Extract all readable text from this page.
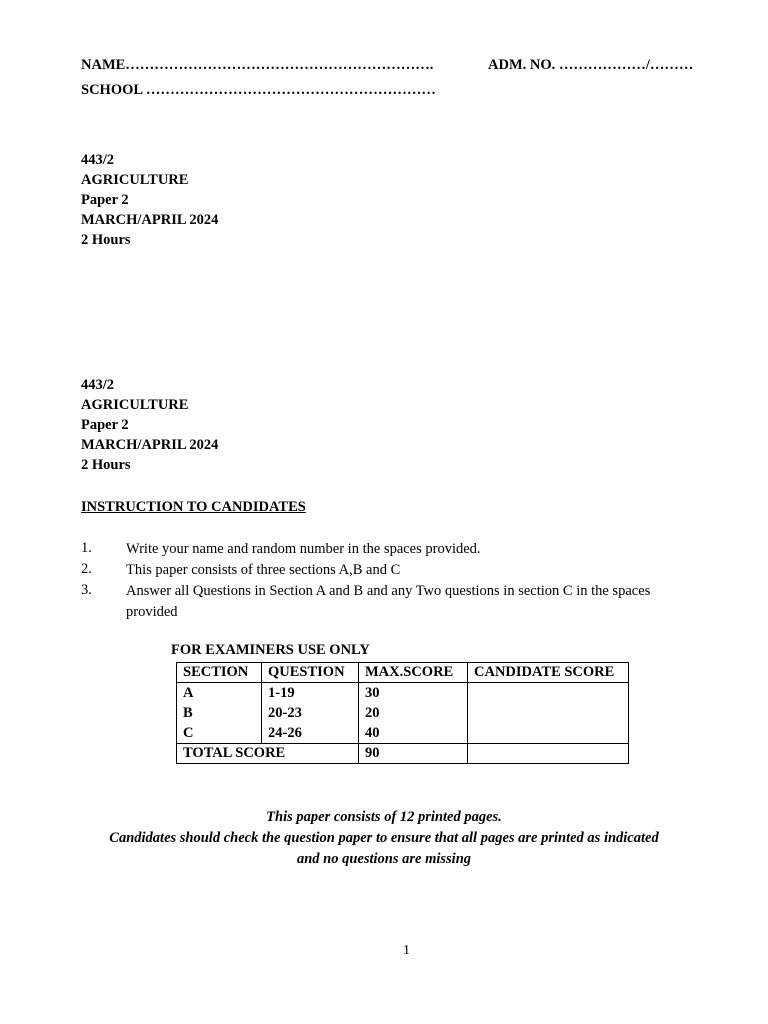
NAME……………………………………………………….	ADM. NO. ………………/………
SCHOOL ……………………………………………………
443/2
AGRICULTURE
Paper 2
MARCH/APRIL 2024
2 Hours
443/2
AGRICULTURE
Paper 2
MARCH/APRIL 2024
2 Hours
INSTRUCTION TO CANDIDATES
1. Write your name and random number in the spaces provided.
2. This paper consists of three sections A,B and C
3. Answer all Questions in Section A and B and any Two questions in section C in the spaces
provided
FOR EXAMINERS USE ONLY
SECTION	QUESTION	MAX.SCORE	CANDIDATE SCORE
A	1-19	30	
B	20-23	20	
C	24-26	40	
TOTAL SCORE		90	
This paper consists of 12 printed pages.
Candidates should check the question paper to ensure that all pages are printed as indicated
and no questions are missing
1
